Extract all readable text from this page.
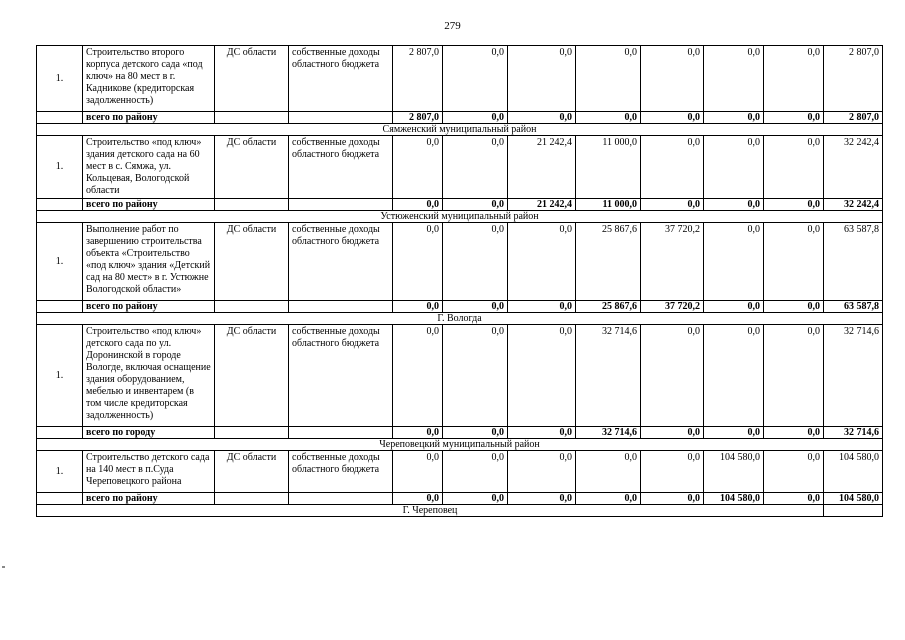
279
1.	Строительство второго корпуса детского сада «под ключ» на 80 мест в г. Кадникове (кредиторская задолженность)	ДС области	собственные доходы областного бюджета	2 807,0	0,0	0,0	0,0	0,0	0,0	0,0	2 807,0
	всего по району			2 807,0	0,0	0,0	0,0	0,0	0,0	0,0	2 807,0
Сямженский муниципальный район											
1.	Строительство «под ключ» здания детского сада на 60 мест в с. Сямжа, ул. Кольцевая, Вологодской области	ДС области	собственные доходы областного бюджета	0,0	0,0	21 242,4	11 000,0	0,0	0,0	0,0	32 242,4
	всего по району			0,0	0,0	21 242,4	11 000,0	0,0	0,0	0,0	32 242,4
Устюженский муниципальный район											
1.	Выполнение работ по завершению строительства объекта «Строительство «под ключ» здания «Детский сад на 80 мест» в г. Устюжне Вологодской области»	ДС области	собственные доходы областного бюджета	0,0	0,0	0,0	25 867,6	37 720,2	0,0	0,0	63 587,8
	всего по району			0,0	0,0	0,0	25 867,6	37 720,2	0,0	0,0	63 587,8
Г. Вологда											
1.	Строительство «под ключ» детского сада по ул. Доронинской в городе Вологде, включая оснащение здания оборудованием, мебелью и инвентарем (в том числе кредиторская задолженность)	ДС области	собственные доходы областного бюджета	0,0	0,0	0,0	32 714,6	0,0	0,0	0,0	32 714,6
	всего по городу			0,0	0,0	0,0	32 714,6	0,0	0,0	0,0	32 714,6
Череповецкий муниципальный район											
1.	Строительство детского сада на 140 мест в п.Суда Череповецкого района	ДС области	собственные доходы областного бюджета	0,0	0,0	0,0	0,0	0,0	104 580,0	0,0	104 580,0
	всего по району			0,0	0,0	0,0	0,0	0,0	104 580,0	0,0	104 580,0
Г. Череповец											
